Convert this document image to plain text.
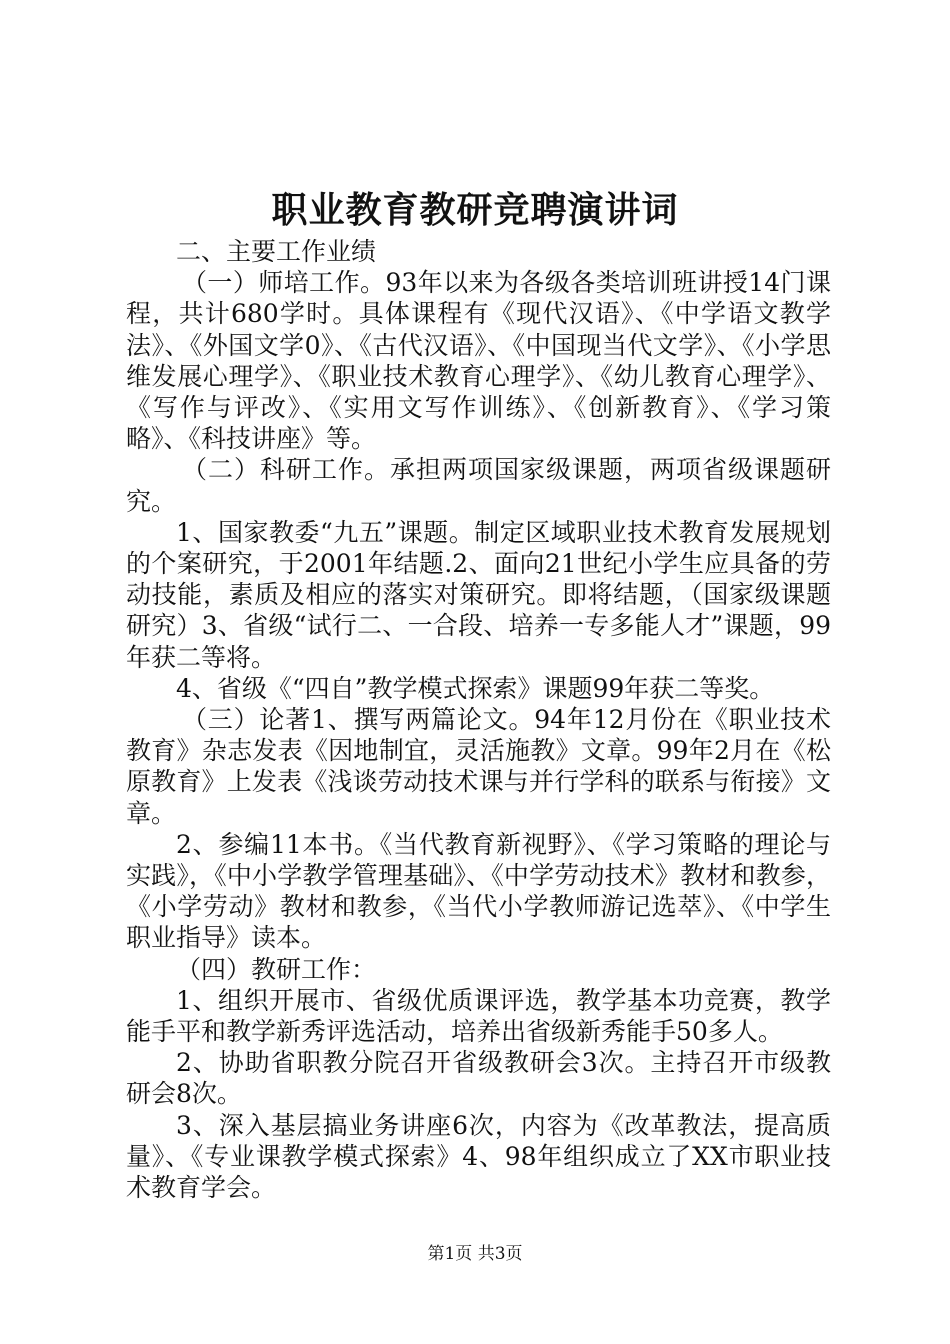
职业教育教研竞聘演讲词

二、主要工作业绩

（一）师培工作。93年以来为各级各类培训班讲授14门课程，共计680学时。具体课程有《现代汉语》、《中学语文教学法》、《外国文学0》、《古代汉语》、《中国现当代文学》、《小学思维发展心理学》、《职业技术教育心理学》、《幼儿教育心理学》、《写作与评改》、《实用文写作训练》、《创新教育》、《学习策略》、《科技讲座》等。

（二）科研工作。承担两项国家级课题，两项省级课题研究。

1、国家教委“九五”课题。制定区域职业技术教育发展规划的个案研究，于2001年结题.2、面向21世纪小学生应具备的劳动技能，素质及相应的落实对策研究。即将结题，（国家级课题研究）3、省级“试行二、一合段、培养一专多能人才”课题，99年获二等将。

4、省级《“四自”教学模式探索》课题99年获二等奖。

（三）论著1、撰写两篇论文。94年12月份在《职业技术教育》杂志发表《因地制宜，灵活施教》文章。99年2月在《松原教育》上发表《浅谈劳动技术课与并行学科的联系与衔接》文章。

2、参编11本书。《当代教育新视野》、《学习策略的理论与实践》，《中小学教学管理基础》、《中学劳动技术》教材和教参，《小学劳动》教材和教参，《当代小学教师游记选萃》、《中学生职业指导》读本。

（四）教研工作：

1、组织开展市、省级优质课评选，教学基本功竞赛，教学能手平和教学新秀评选活动，培养出省级新秀能手50多人。

2、协助省职教分院召开省级教研会3次。主持召开市级教研会8次。

3、深入基层搞业务讲座6次，内容为《改革教法，提高质量》、《专业课教学模式探索》4、98年组织成立了XX市职业技术教育学会。

第1页 共3页
